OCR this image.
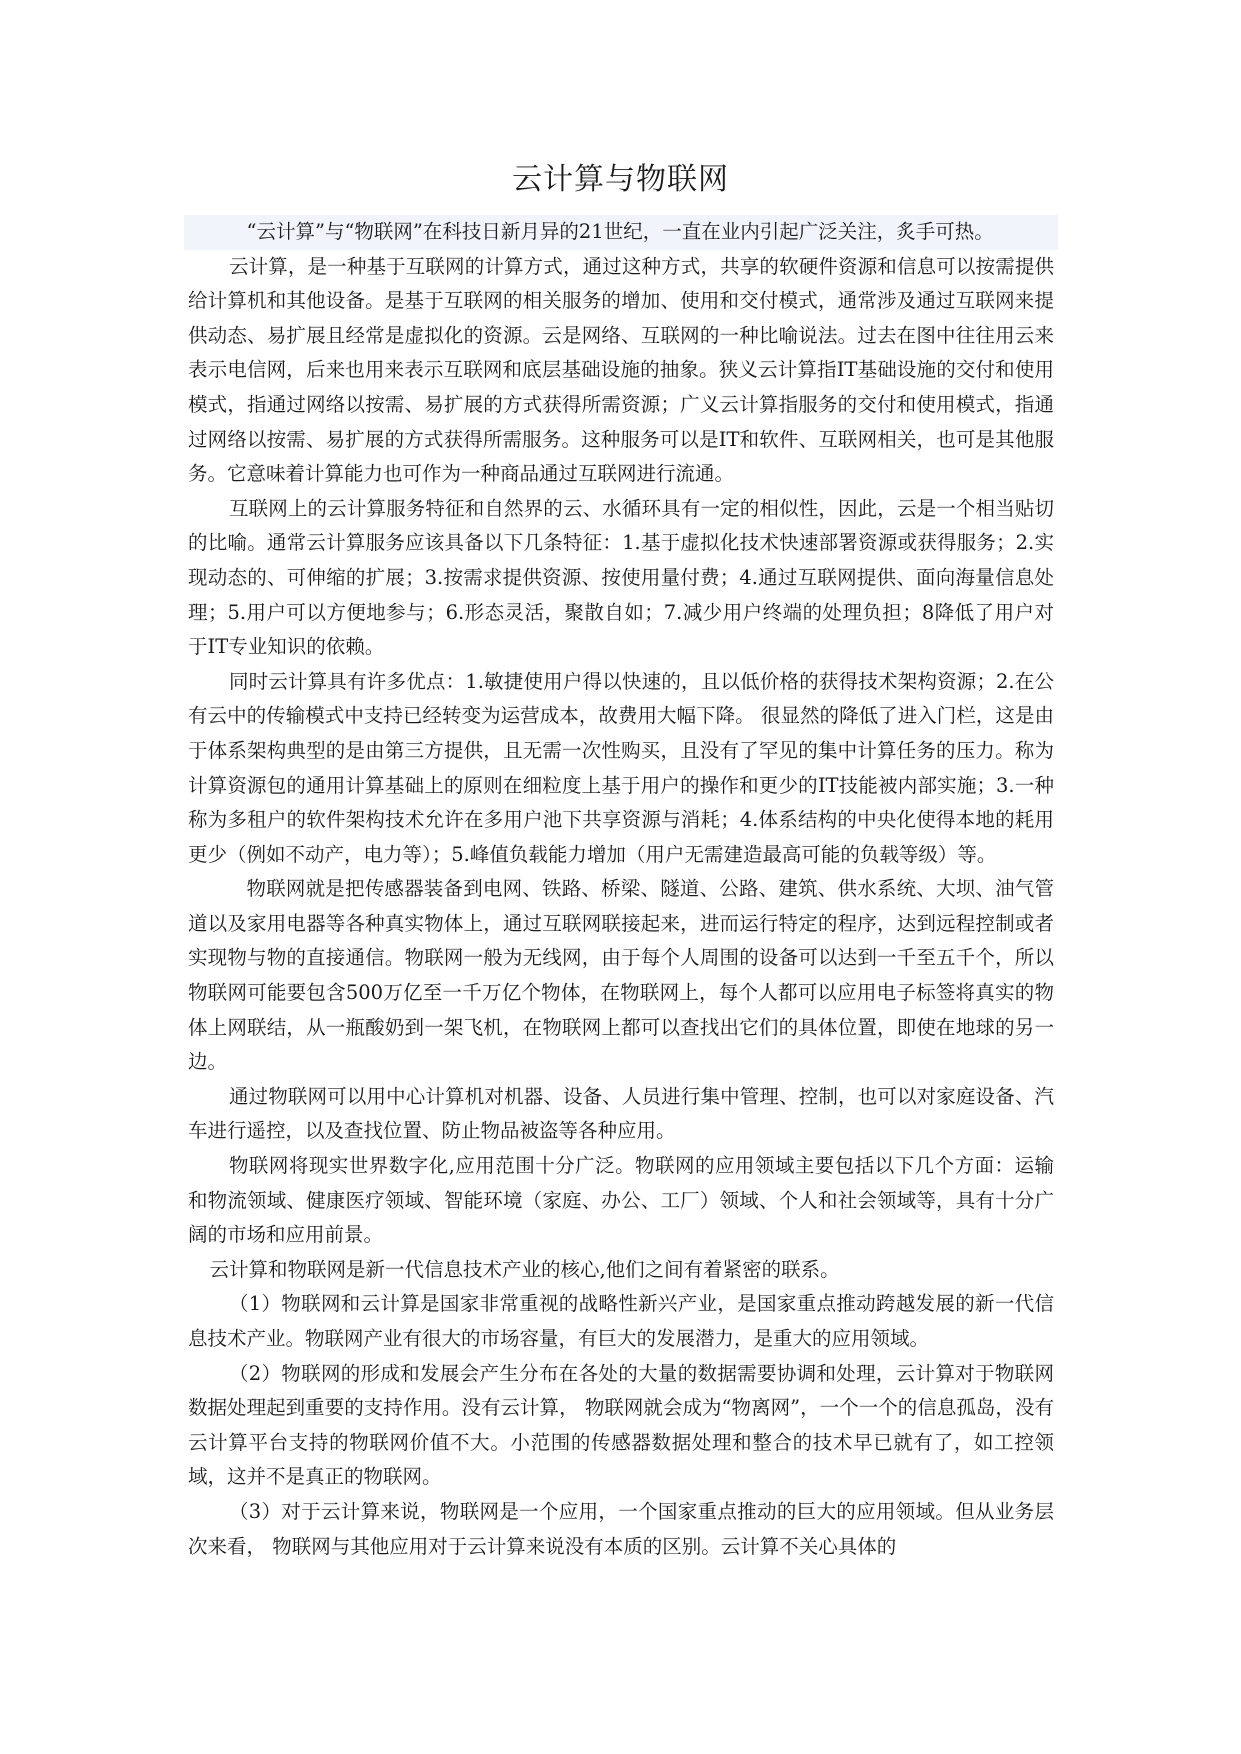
云计算与物联网

“云计算”与“物联网”在科技日新月异的21世纪，一直在业内引起广泛关注，炙手可热。

云计算，是一种基于互联网的计算方式，通过这种方式，共享的软硬件资源和信息可以按需提供给计算机和其他设备。是基于互联网的相关服务的增加、使用和交付模式，通常涉及通过互联网来提供动态、易扩展且经常是虚拟化的资源。云是网络、互联网的一种比喻说法。过去在图中往往用云来表示电信网，后来也用来表示互联网和底层基础设施的抽象。狭义云计算指IT基础设施的交付和使用模式，指通过网络以按需、易扩展的方式获得所需资源；广义云计算指服务的交付和使用模式，指通过网络以按需、易扩展的方式获得所需服务。这种服务可以是IT和软件、互联网相关，也可是其他服务。它意味着计算能力也可作为一种商品通过互联网进行流通。

互联网上的云计算服务特征和自然界的云、水循环具有一定的相似性，因此，云是一个相当贴切的比喻。通常云计算服务应该具备以下几条特征：1.基于虚拟化技术快速部署资源或获得服务；2.实现动态的、可伸缩的扩展；3.按需求提供资源、按使用量付费；4.通过互联网提供、面向海量信息处理；5.用户可以方便地参与；6.形态灵活，聚散自如；7.减少用户终端的处理负担；8降低了用户对于IT专业知识的依赖。

同时云计算具有许多优点：1.敏捷使用户得以快速的，且以低价格的获得技术架构资源；2.在公有云中的传输模式中支持已经转变为运营成本，故费用大幅下降。 很显然的降低了进入门栏，这是由于体系架构典型的是由第三方提供，且无需一次性购买，且没有了罕见的集中计算任务的压力。称为计算资源包的通用计算基础上的原则在细粒度上基于用户的操作和更少的IT技能被内部实施；3.一种称为多租户的软件架构技术允许在多用户池下共享资源与消耗；4.体系结构的中央化使得本地的耗用更少（例如不动产，电力等）；5.峰值负载能力增加（用户无需建造最高可能的负载等级）等。

物联网就是把传感器装备到电网、铁路、桥梁、隧道、公路、建筑、供水系统、大坝、油气管道以及家用电器等各种真实物体上，通过互联网联接起来，进而运行特定的程序，达到远程控制或者实现物与物的直接通信。物联网一般为无线网，由于每个人周围的设备可以达到一千至五千个，所以物联网可能要包含500万亿至一千万亿个物体，在物联网上，每个人都可以应用电子标签将真实的物体上网联结，从一瓶酸奶到一架飞机，在物联网上都可以查找出它们的具体位置，即使在地球的另一边。

通过物联网可以用中心计算机对机器、设备、人员进行集中管理、控制，也可以对家庭设备、汽车进行遥控，以及查找位置、防止物品被盗等各种应用。

物联网将现实世界数字化,应用范围十分广泛。物联网的应用领域主要包括以下几个方面：运输和物流领域、健康医疗领域、智能环境（家庭、办公、工厂）领域、个人和社会领域等，具有十分广阔的市场和应用前景。

云计算和物联网是新一代信息技术产业的核心,他们之间有着紧密的联系。

（1）物联网和云计算是国家非常重视的战略性新兴产业，是国家重点推动跨越发展的新一代信息技术产业。物联网产业有很大的市场容量，有巨大的发展潜力，是重大的应用领域。

（2）物联网的形成和发展会产生分布在各处的大量的数据需要协调和处理，云计算对于物联网数据处理起到重要的支持作用。没有云计算， 物联网就会成为“物离网”，一个一个的信息孤岛，没有云计算平台支持的物联网价值不大。小范围的传感器数据处理和整合的技术早已就有了，如工控领域，这并不是真正的物联网。

（3）对于云计算来说，物联网是一个应用，一个国家重点推动的巨大的应用领域。但从业务层次来看， 物联网与其他应用对于云计算来说没有本质的区别。云计算不关心具体的
